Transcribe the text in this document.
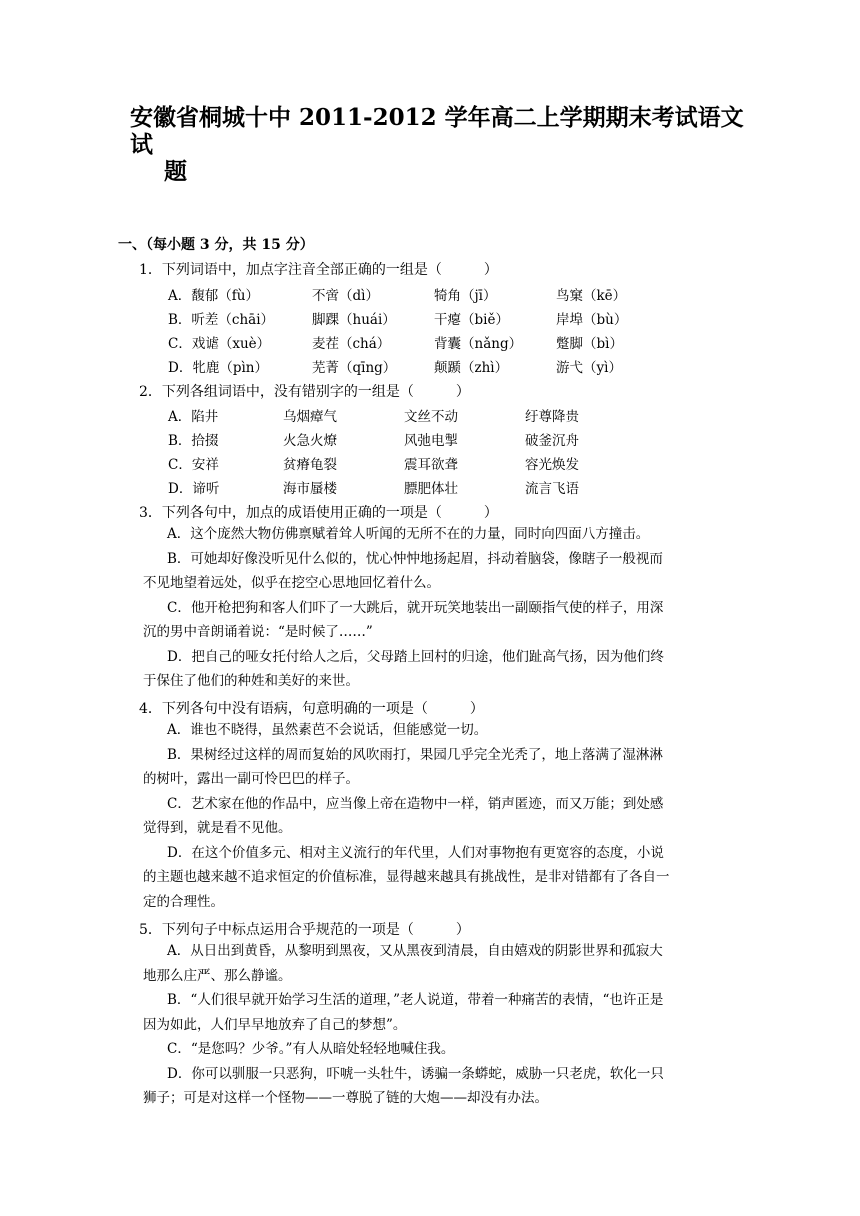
安徽省桐城十中 2011-2012 学年高二上学期期末考试语文试
题
一、（每小题 3 分，共 15 分）
1．下列词语中，加点字注音全部正确的一组是（　　　）
A．馥郁（fù）	不啻（dì）	犄角（jī）	鸟窠（kē）
B．听差（chāi）	脚踝（huái）	干瘪（biě）	岸埠（bù）
C．戏谑（xuè）	麦茬（chá）	背囊（nǎng）	蹩脚（bì）
D．牝鹿（pìn）	芜菁（qīng）	颠踬（zhì）	游弋（yì）
2．下列各组词语中，没有错别字的一组是（　　　）
A．陷井	乌烟瘴气	文丝不动	纡尊降贵
B．拾掇	火急火燎	风弛电掣	破釜沉舟
C．安祥	贫瘠龟裂	震耳欲聋	容光焕发
D．谛听	海市蜃楼	膘肥体壮	流言飞语
3．下列各句中，加点的成语使用正确的一项是（　　　）
A．这个庞然大物仿佛禀赋着耸人听闻的无所不在的力量，同时向四面八方撞击。
B．可她却好像没听见什么似的，忧心忡忡地扬起眉，抖动着脑袋，像瞎子一般视而
不见地望着远处，似乎在挖空心思地回忆着什么。
C．他开枪把狗和客人们吓了一大跳后，就开玩笑地装出一副颐指气使的样子，用深
沉的男中音朗诵着说：“是时候了……”
D．把自己的哑女托付给人之后，父母踏上回村的归途，他们趾高气扬，因为他们终
于保住了他们的种姓和美好的来世。
4．下列各句中没有语病，句意明确的一项是（　　　）
A．谁也不晓得，虽然素芭不会说话，但能感觉一切。
B．果树经过这样的周而复始的风吹雨打，果园几乎完全光秃了，地上落满了湿淋淋
的树叶，露出一副可怜巴巴的样子。
C．艺术家在他的作品中，应当像上帝在造物中一样，销声匿迹，而又万能；到处感
觉得到，就是看不见他。
D．在这个价值多元、相对主义流行的年代里，人们对事物抱有更宽容的态度，小说
的主题也越来越不追求恒定的价值标准，显得越来越具有挑战性，是非对错都有了各自一
定的合理性。
5．下列句子中标点运用合乎规范的一项是（　　　）
A．从日出到黄昏，从黎明到黑夜，又从黑夜到清晨，自由嬉戏的阴影世界和孤寂大
地那么庄严、那么静谧。
B．“人们很早就开始学习生活的道理，”老人说道，带着一种痛苦的表情，“也许正是
因为如此，人们早早地放弃了自己的梦想”。
C．“是您吗？少爷。”有人从暗处轻轻地喊住我。
D．你可以驯服一只恶狗，吓唬一头牡牛，诱骗一条蟒蛇，威胁一只老虎，软化一只
狮子；可是对这样一个怪物——一尊脱了链的大炮——却没有办法。
